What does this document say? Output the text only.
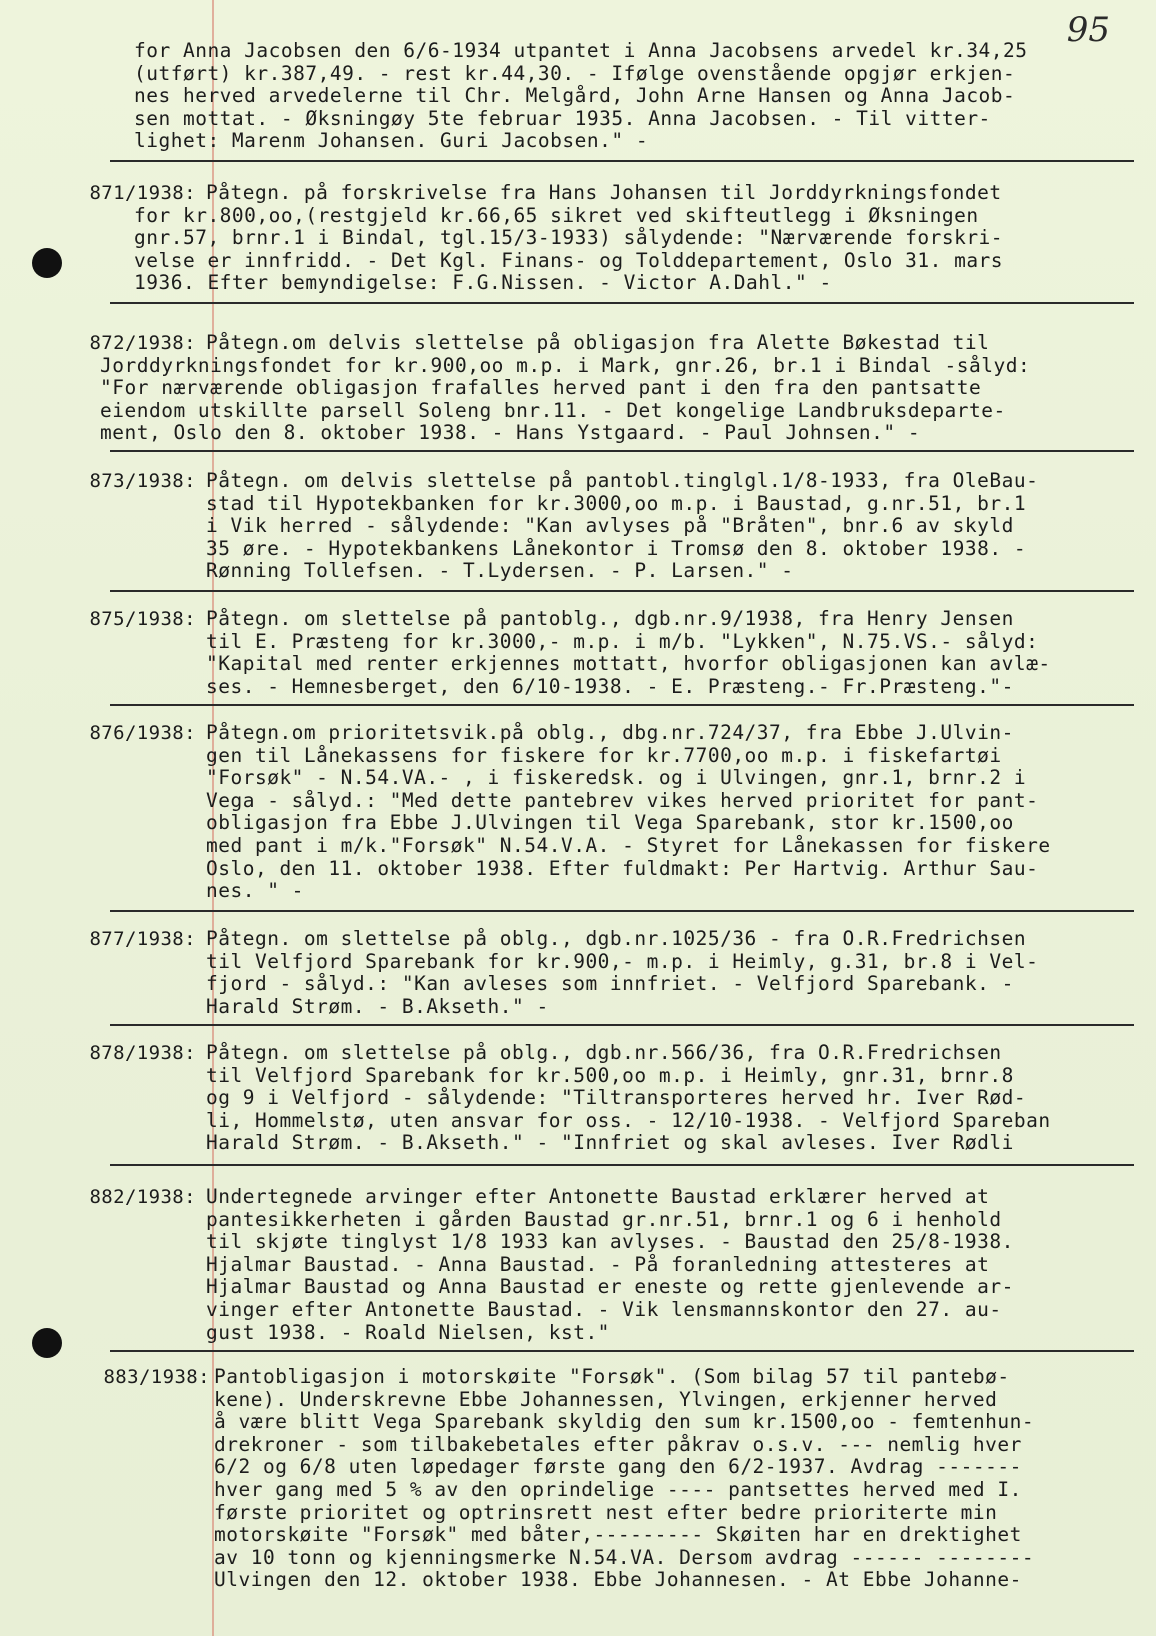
95
for Anna Jacobsen den 6/6-1934 utpantet i Anna Jacobsens arvedel kr.34,25
(utført) kr.387,49. - rest kr.44,30. - Ifølge ovenstående opgjør erkjen-
nes herved arvedelerne til Chr. Melgård, John Arne Hansen og Anna Jacob-
sen mottat. - Øksningøy 5te februar 1935. Anna Jacobsen. - Til vitter-
lighet: Marenm Johansen. Guri Jacobsen." -
871/1938: Påtegn. på forskrivelse fra Hans Johansen til Jorddyrkningsfondet
for kr.800,oo,(restgjeld kr.66,65 sikret ved skifteutlegg i Øksningen
gnr.57, brnr.1 i Bindal, tgl.15/3-1933) sålydende: "Nærværende forskri-
velse er innfridd. - Det Kgl. Finans- og Tolddepartement, Oslo 31. mars
1936. Efter bemyndigelse: F.G.Nissen. - Victor A.Dahl." -
872/1938: Påtegn.om delvis slettelse på obligasjon fra Alette Bøkestad til
Jorddyrkningsfondet for kr.900,oo m.p. i Mark, gnr.26, br.1 i Bindal -sålyd:
"For nærværende obligasjon frafalles herved pant i den fra den pantsatte
eiendom utskillte parsell Soleng bnr.11. - Det kongelige Landbruksdeparte-
ment, Oslo den 8. oktober 1938. - Hans Ystgaard. - Paul Johnsen." -
873/1938: Påtegn. om delvis slettelse på pantobl.tinglgl.1/8-1933, fra OleBau-
stad til Hypotekbanken for kr.3000,oo m.p. i Baustad, g.nr.51, br.1
i Vik herred - sålydende: "Kan avlyses på "Bråten", bnr.6 av skyld
35 øre. - Hypotekbankens Lånekontor i Tromsø den 8. oktober 1938. -
Rønning Tollefsen. - T.Lydersen. - P. Larsen." -
875/1938: Påtegn. om slettelse på pantoblg., dgb.nr.9/1938, fra Henry Jensen
til E. Præsteng for kr.3000,- m.p. i m/b. "Lykken", N.75.VS.- sålyd:
"Kapital med renter erkjennes mottatt, hvorfor obligasjonen kan avlæ-
ses. - Hemnesberget, den 6/10-1938. - E. Præsteng.- Fr.Præsteng."-
876/1938: Påtegn.om prioritetsvik.på oblg., dbg.nr.724/37, fra Ebbe J.Ulvin-
gen til Lånekassens for fiskere for kr.7700,oo m.p. i fiskefartøi
"Forsøk" - N.54.VA.- , i fiskeredsk. og i Ulvingen, gnr.1, brnr.2 i
Vega - sålyd.: "Med dette pantebrev vikes herved prioritet for pant-
obligasjon fra Ebbe J.Ulvingen til Vega Sparebank, stor kr.1500,oo
med pant i m/k."Forsøk" N.54.V.A. - Styret for Lånekassen for fiskere
Oslo, den 11. oktober 1938. Efter fuldmakt: Per Hartvig. Arthur Sau-
nes. " -
877/1938: Påtegn. om slettelse på oblg., dgb.nr.1025/36 - fra O.R.Fredrichsen
til Velfjord Sparebank for kr.900,- m.p. i Heimly, g.31, br.8 i Vel-
fjord - sålyd.: "Kan avleses som innfriet. - Velfjord Sparebank. -
Harald Strøm. - B.Akseth." -
878/1938: Påtegn. om slettelse på oblg., dgb.nr.566/36, fra O.R.Fredrichsen
til Velfjord Sparebank for kr.500,oo m.p. i Heimly, gnr.31, brnr.8
og 9 i Velfjord - sålydende: "Tiltransporteres herved hr. Iver Rød-
li, Hommelstø, uten ansvar for oss. - 12/10-1938. - Velfjord Spareban
Harald Strøm. - B.Akseth." - "Innfriet og skal avleses. Iver Rødli
882/1938: Undertegnede arvinger efter Antonette Baustad erklærer herved at
pantesikkerheten i gården Baustad gr.nr.51, brnr.1 og 6 i henhold
til skjøte tinglyst 1/8 1933 kan avlyses. - Baustad den 25/8-1938.
Hjalmar Baustad. - Anna Baustad. - På foranledning attesteres at
Hjalmar Baustad og Anna Baustad er eneste og rette gjenlevende ar-
vinger efter Antonette Baustad. - Vik lensmannskontor den 27. au-
gust 1938. - Roald Nielsen, kst."
883/1938: Pantobligasjon i motorskøite "Forsøk". (Som bilag 57 til pantebø-
kene). Underskrevne Ebbe Johannessen, Ylvingen, erkjenner herved
å være blitt Vega Sparebank skyldig den sum kr.1500,oo - femtenhun-
drekroner - som tilbakebetales efter påkrav o.s.v. --- nemlig hver
6/2 og 6/8 uten løpedager første gang den 6/2-1937. Avdrag -------
hver gang med 5 % av den oprindelige ---- pantsettes herved med I.
første prioritet og optrinsrett nest efter bedre prioriterte min
motorskøite "Forsøk" med båter,--------- Skøiten har en drektighet
av 10 tonn og kjenningsmerke N.54.VA. Dersom avdrag ------ --------
Ulvingen den 12. oktober 1938. Ebbe Johannesen. - At Ebbe Johanne-
